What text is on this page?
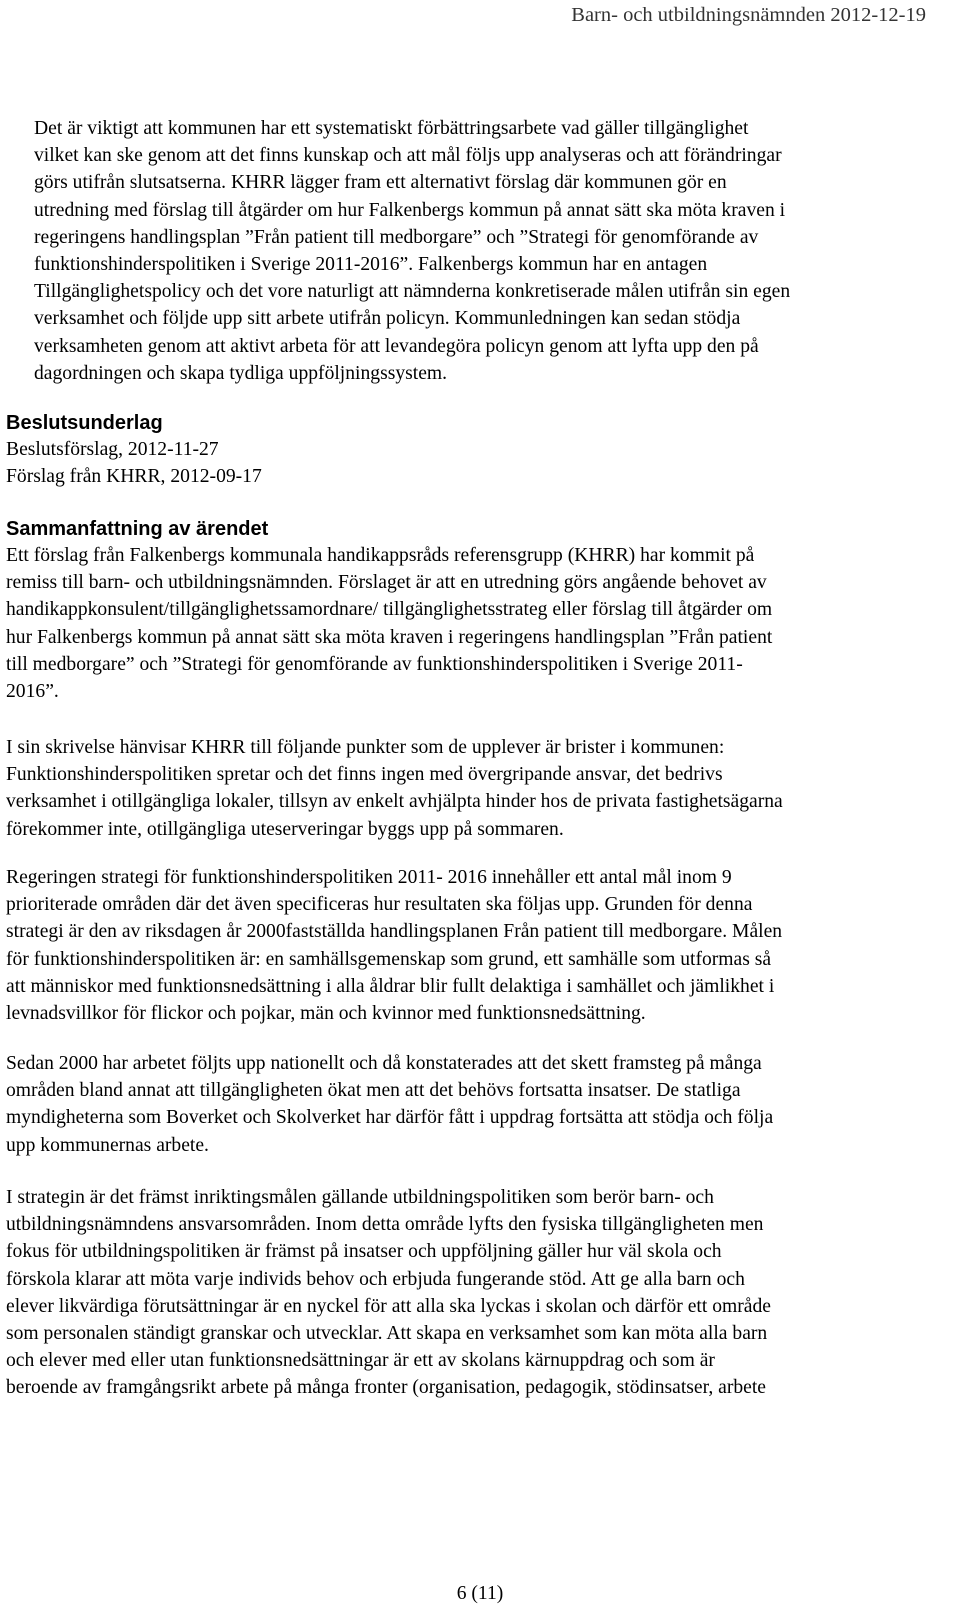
Barn- och utbildningsnämnden 2012-12-19

Det är viktigt att kommunen har ett systematiskt förbättringsarbete vad gäller tillgänglighet
vilket kan ske genom att det finns kunskap och att mål följs upp analyseras och att förändringar
görs utifrån slutsatserna. KHRR lägger fram ett alternativt förslag där kommunen gör en
utredning med förslag till åtgärder om hur Falkenbergs kommun på annat sätt ska möta kraven i
regeringens handlingsplan ”Från patient till medborgare” och ”Strategi för genomförande av
funktionshinderspolitiken i Sverige 2011-2016”. Falkenbergs kommun har en antagen
Tillgänglighetspolicy och det vore naturligt att nämnderna konkretiserade målen utifrån sin egen
verksamhet och följde upp sitt arbete utifrån policyn. Kommunledningen kan sedan stödja
verksamheten genom att aktivt arbeta för att levandegöra policyn genom att lyfta upp den på
dagordningen och skapa tydliga uppföljningssystem.

Beslutsunderlag

Beslutsförslag, 2012-11-27
Förslag från KHRR, 2012-09-17

Sammanfattning av ärendet

Ett förslag från Falkenbergs kommunala handikappsråds referensgrupp (KHRR) har kommit på
remiss till barn- och utbildningsnämnden. Förslaget är att en utredning görs angående behovet av
handikappkonsulent/tillgänglighetssamordnare/ tillgänglighetsstrateg eller förslag till åtgärder om
hur Falkenbergs kommun på annat sätt ska möta kraven i regeringens handlingsplan ”Från patient
till medborgare” och ”Strategi för genomförande av funktionshinderspolitiken i Sverige 2011-
2016”.

I sin skrivelse hänvisar KHRR till följande punkter som de upplever är brister i kommunen:
Funktionshinderspolitiken spretar och det finns ingen med övergripande ansvar, det bedrivs
verksamhet i otillgängliga lokaler, tillsyn av enkelt avhjälpta hinder hos de privata fastighetsägarna
förekommer inte, otillgängliga uteserveringar byggs upp på sommaren.

Regeringen strategi för funktionshinderspolitiken 2011- 2016 innehåller ett antal mål inom 9
prioriterade områden där det även specificeras hur resultaten ska följas upp. Grunden för denna
strategi är den av riksdagen år 2000fastställda handlingsplanen Från patient till medborgare. Målen
för funktionshinderspolitiken är: en samhällsgemenskap som grund, ett samhälle som utformas så
att människor med funktionsnedsättning i alla åldrar blir fullt delaktiga i samhället och jämlikhet i
levnadsvillkor för flickor och pojkar, män och kvinnor med funktionsnedsättning.

Sedan 2000 har arbetet följts upp nationellt och då konstaterades att det skett framsteg på många
områden bland annat att tillgängligheten ökat men att det behövs fortsatta insatser. De statliga
myndigheterna som Boverket och Skolverket har därför fått i uppdrag fortsätta att stödja och följa
upp kommunernas arbete.

I strategin är det främst inriktingsmålen gällande utbildningspolitiken som berör barn- och
utbildningsnämndens ansvarsområden. Inom detta område lyfts den fysiska tillgängligheten men
fokus för utbildningspolitiken är främst på insatser och uppföljning gäller hur väl skola och
förskola klarar att möta varje individs behov och erbjuda fungerande stöd. Att ge alla barn och
elever likvärdiga förutsättningar är en nyckel för att alla ska lyckas i skolan och därför ett område
som personalen ständigt granskar och utvecklar. Att skapa en verksamhet som kan möta alla barn
och elever med eller utan funktionsnedsättningar är ett av skolans kärnuppdrag och som är
beroende av framgångsrikt arbete på många fronter (organisation, pedagogik, stödinsatser, arbete

6 (11)
